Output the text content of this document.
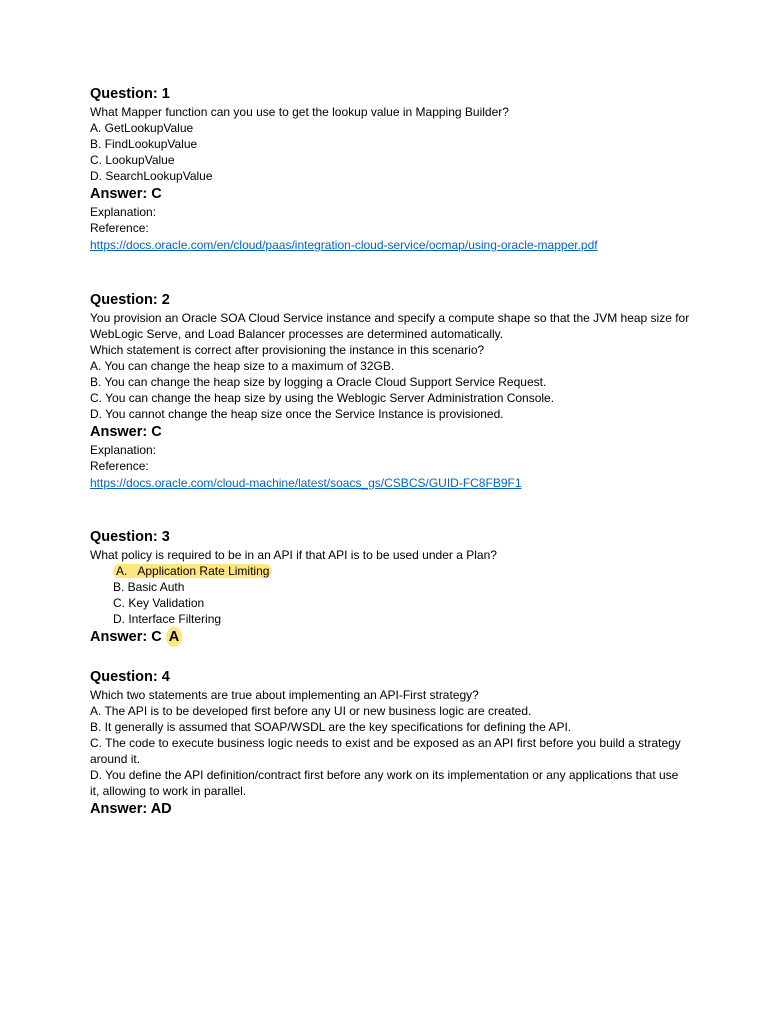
Question: 1

What Mapper function can you use to get the lookup value in Mapping Builder?

A. GetLookupValue

B. FindLookupValue

C. LookupValue

D. SearchLookupValue

Answer: C

Explanation:

Reference:

https://docs.oracle.com/en/cloud/paas/integration-cloud-service/ocmap/using-oracle-mapper.pdf

Question: 2

You provision an Oracle SOA Cloud Service instance and specify a compute shape so that the JVM heap size for WebLogic Serve, and Load Balancer processes are determined automatically.

Which statement is correct after provisioning the instance in this scenario?

A. You can change the heap size to a maximum of 32GB.

B. You can change the heap size by logging a Oracle Cloud Support Service Request.

C. You can change the heap size by using the Weblogic Server Administration Console.

D. You cannot change the heap size once the Service Instance is provisioned.

Answer: C

Explanation:

Reference:

https://docs.oracle.com/cloud-machine/latest/soacs_gs/CSBCS/GUID-FC8FB9F1

Question: 3

What policy is required to be in an API if that API is to be used under a Plan?

A. Application Rate Limiting

B. Basic Auth

C. Key Validation

D. Interface Filtering

Answer: C A

Question: 4

Which two statements are true about implementing an API-First strategy?

A. The API is to be developed first before any UI or new business logic are created.

B. It generally is assumed that SOAP/WSDL are the key specifications for defining the API.

C. The code to execute business logic needs to exist and be exposed as an API first before you build a strategy around it.

D. You define the API definition/contract first before any work on its implementation or any applications that use it, allowing to work in parallel.

Answer: AD
